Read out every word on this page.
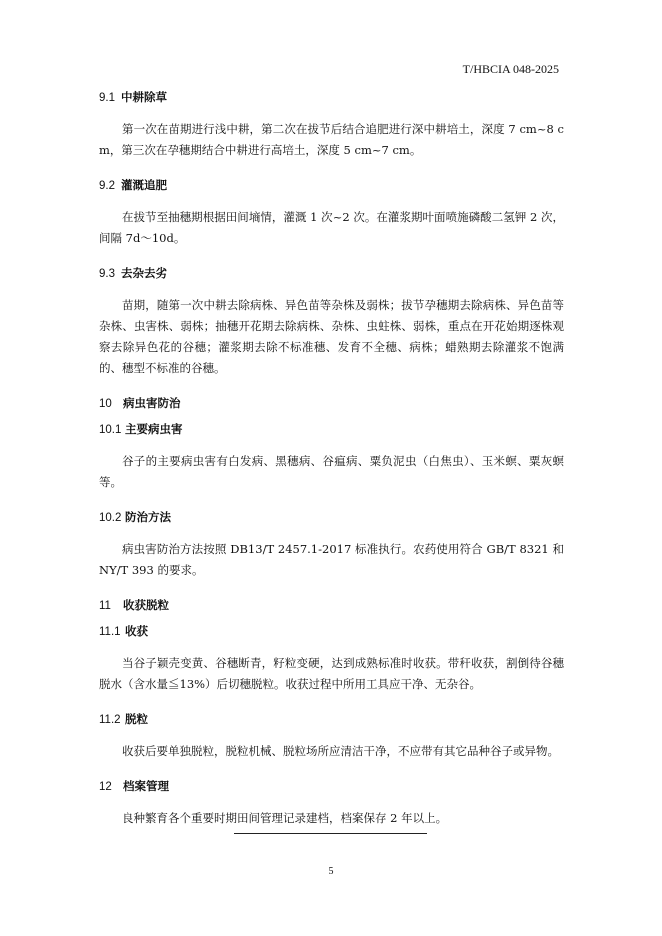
T/HBCIA 048-2025
9.1 中耕除草

第一次在苗期进行浅中耕，第二次在拔节后结合追肥进行深中耕培土，深度 7 cm~8 cm，第三次在孕穗期结合中耕进行高培土，深度 5 cm~7 cm。

9.2 灌溉追肥

在拔节至抽穗期根据田间墒情，灌溉 1 次~2 次。在灌浆期叶面喷施磷酸二氢钾 2 次，间隔 7d～10d。

9.3 去杂去劣

苗期，随第一次中耕去除病株、异色苗等杂株及弱株；拔节孕穗期去除病株、异色苗等杂株、虫害株、弱株；抽穗开花期去除病株、杂株、虫蛀株、弱株，重点在开花始期逐株观察去除异色花的谷穗；灌浆期去除不标准穗、发育不全穗、病株；蜡熟期去除灌浆不饱满的、穗型不标准的谷穗。

10 病虫害防治
10.1 主要病虫害

谷子的主要病虫害有白发病、黑穗病、谷瘟病、粟负泥虫（白焦虫）、玉米螟、粟灰螟等。

10.2 防治方法

病虫害防治方法按照 DB13/T 2457.1-2017 标准执行。农药使用符合 GB/T 8321 和 NY/T 393 的要求。

11 收获脱粒
11.1 收获

当谷子颖壳变黄、谷穗断青，籽粒变硬，达到成熟标准时收获。带秆收获，割倒待谷穗脱水（含水量≦13%）后切穗脱粒。收获过程中所用工具应干净、无杂谷。

11.2 脱粒

收获后要单独脱粒，脱粒机械、脱粒场所应清洁干净，不应带有其它品种谷子或异物。

12 档案管理

良种繁育各个重要时期田间管理记录建档，档案保存 2 年以上。

5
